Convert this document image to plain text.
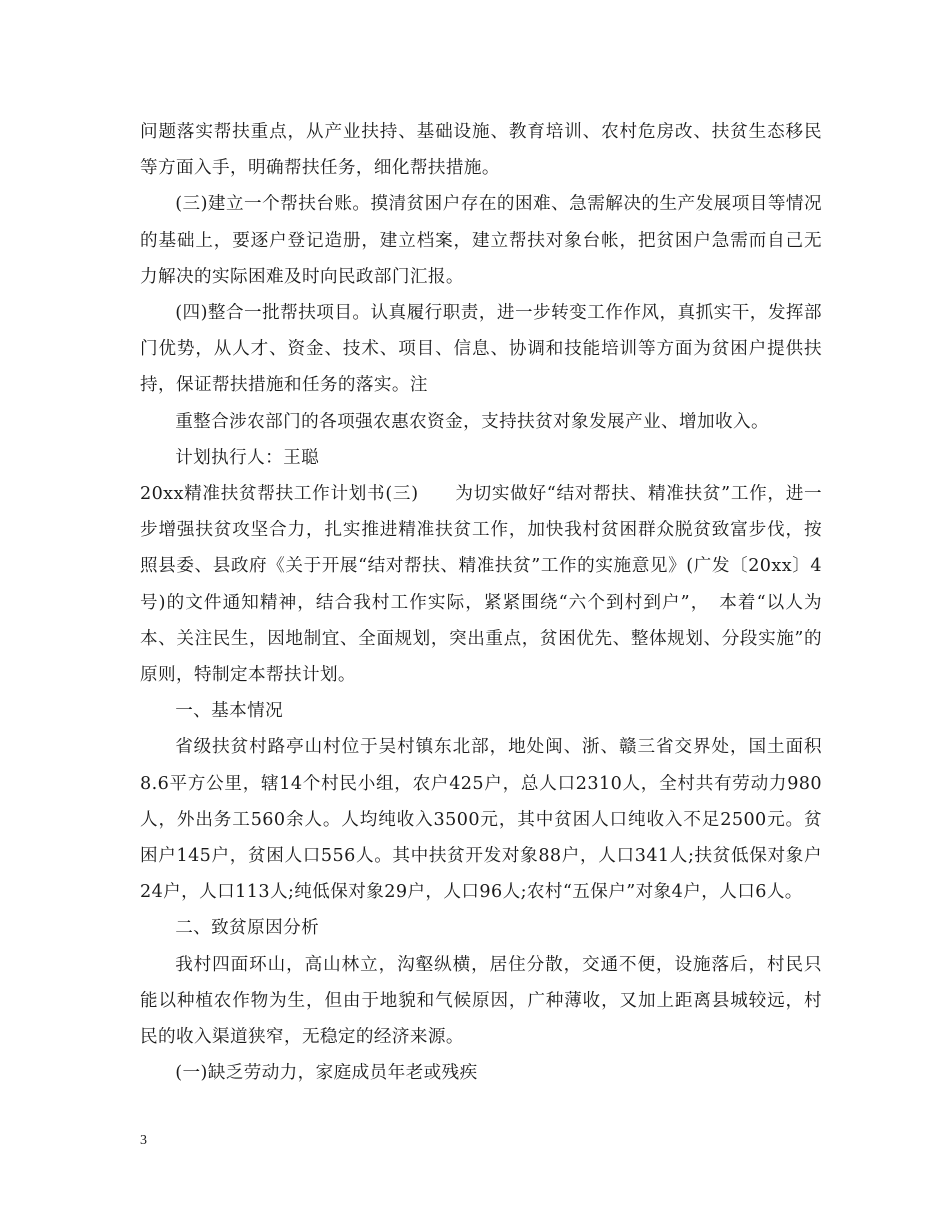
问题落实帮扶重点，从产业扶持、基础设施、教育培训、农村危房改、扶贫生态移民等方面入手，明确帮扶任务，细化帮扶措施。

(三)建立一个帮扶台账。摸清贫困户存在的困难、急需解决的生产发展项目等情况的基础上，要逐户登记造册，建立档案，建立帮扶对象台帐，把贫困户急需而自己无力解决的实际困难及时向民政部门汇报。

(四)整合一批帮扶项目。认真履行职责，进一步转变工作作风，真抓实干，发挥部门优势，从人才、资金、技术、项目、信息、协调和技能培训等方面为贫困户提供扶持，保证帮扶措施和任务的落实。注

重整合涉农部门的各项强农惠农资金，支持扶贫对象发展产业、增加收入。

计划执行人：王聪

20xx精准扶贫帮扶工作计划书(三)　　为切实做好“结对帮扶、精准扶贫”工作，进一步增强扶贫攻坚合力，扎实推进精准扶贫工作，加快我村贫困群众脱贫致富步伐，按照县委、县政府《关于开展“结对帮扶、精准扶贫”工作的实施意见》(广发〔20xx〕4号)的文件通知精神，结合我村工作实际，紧紧围绕“六个到村到户”，　本着“以人为本、关注民生，因地制宜、全面规划，突出重点，贫困优先、整体规划、分段实施”的原则，特制定本帮扶计划。

一、基本情况

省级扶贫村路亭山村位于吴村镇东北部，地处闽、浙、赣三省交界处，国土面积8.6平方公里，辖14个村民小组，农户425户，总人口2310人，全村共有劳动力980人，外出务工560余人。人均纯收入3500元，其中贫困人口纯收入不足2500元。贫困户145户，贫困人口556人。其中扶贫开发对象88户，人口341人;扶贫低保对象户24户，人口113人;纯低保对象29户，人口96人;农村“五保户”对象4户，人口6人。

二、致贫原因分析

我村四面环山，高山林立，沟壑纵横，居住分散，交通不便，设施落后，村民只能以种植农作物为生，但由于地貌和气候原因，广种薄收，又加上距离县城较远，村民的收入渠道狭窄，无稳定的经济来源。

(一)缺乏劳动力，家庭成员年老或残疾

3
